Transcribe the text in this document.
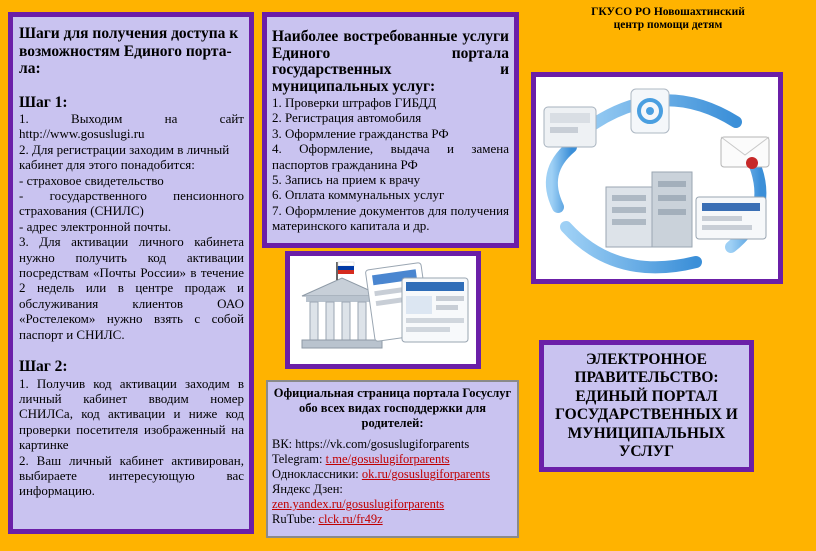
Шаги для получения доступа к возможностям Единого портала:

Шаг 1:

1. Выходим на сайт http://www.gosuslugi.ru

2. Для регистрации заходим в личный кабинет для этого понадобится:

- страховое свидетельство

- государственного пенсионного страхования (СНИЛС)

- адрес электронной почты.

3. Для активации личного кабинета нужно получить код активации посредствам «Почты России» в течение 2 недель или в центре продаж и обслуживания клиентов ОАО «Ростелеком» нужно взять с собой паспорт и СНИЛС.

Шаг 2:

1. Получив код активации заходим в личный кабинет вводим номер СНИЛСа, код активации и ниже код проверки посетителя изображенный на картинке

2. Ваш личный кабинет активирован, выбираете интересующую вас информацию.

Наиболее востребованные услуги Единого портала государственных и муниципальных услуг:

1. Проверки штрафов ГИБДД

2. Регистрация автомобиля

3. Оформление гражданства РФ

4. Оформление, выдача и замена паспортов гражданина РФ

5. Запись на прием к врачу

6. Оплата коммунальных услуг

7. Оформление документов для получения материнского капитала и др.

ГКУСО РО Новошахтинский
центр помощи детям
ЭЛЕКТРОННОЕ ПРАВИТЕЛЬСТВО: ЕДИНЫЙ ПОРТАЛ ГОСУДАРСТВЕННЫХ И МУНИЦИПАЛЬНЫХ УСЛУГ

Официальная страница портала Госуслуг обо всех видах господдержки для родителей:

ВК: https://vk.com/gosuslugiforparents

Telegram: t.me/gosuslugiforparents

Одноклассники: ok.ru/gosuslugiforparents

Яндекс Дзен:

zen.yandex.ru/gosuslugiforparents

RuTube: clck.ru/fr49z
